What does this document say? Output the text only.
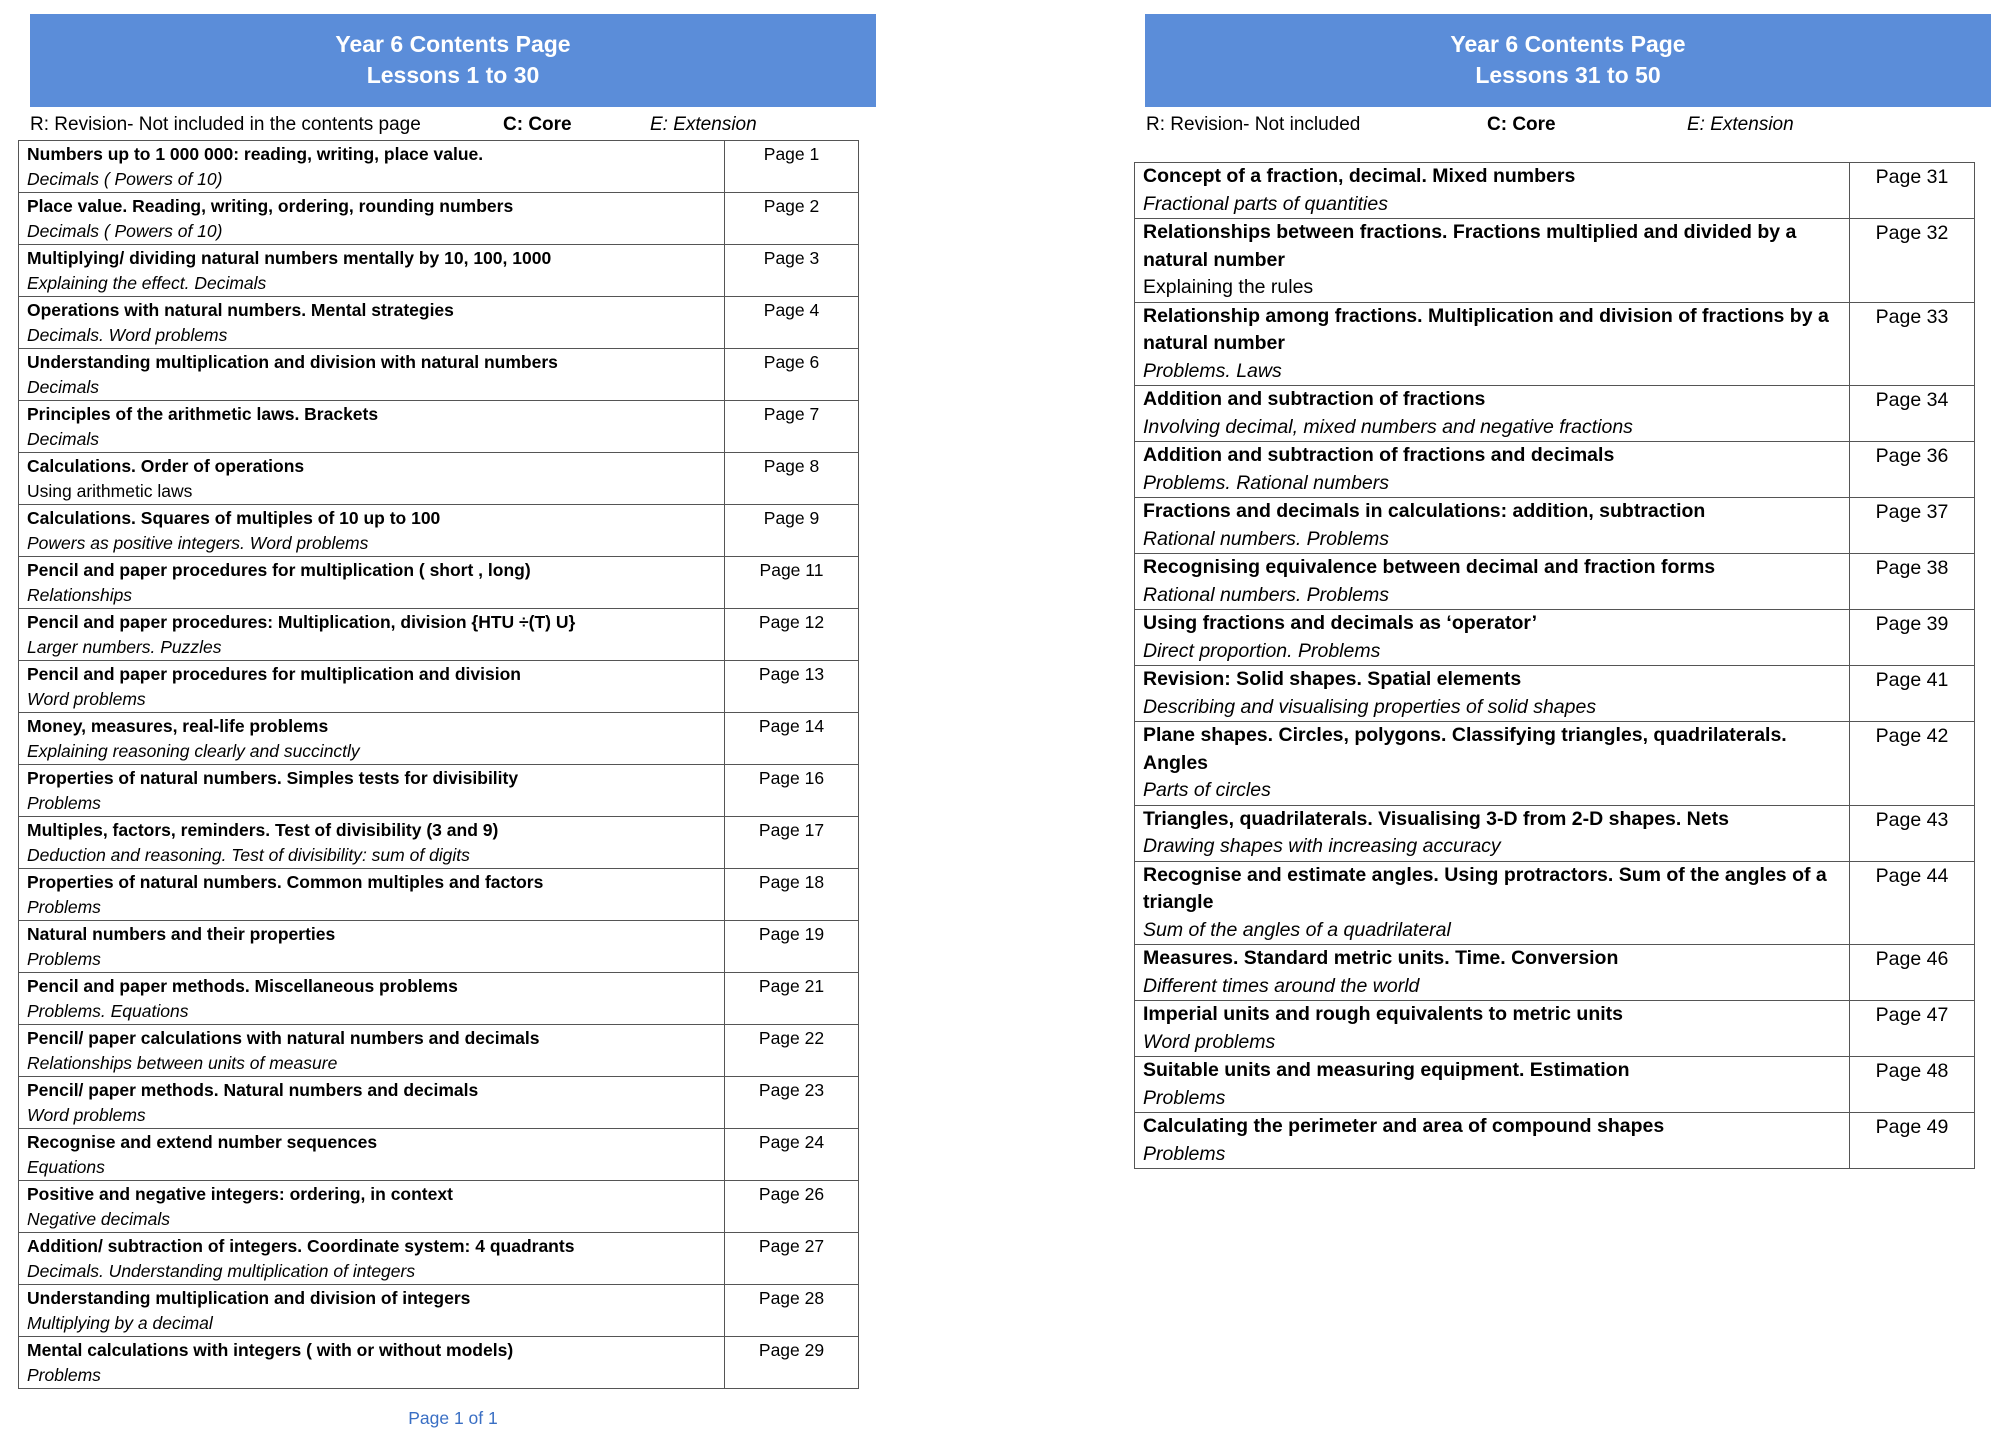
Year 6 Contents Page
Lessons 1 to 30
R: Revision- Not included in the contents page	C: Core	E: Extension
Numbers up to 1 000 000: reading, writing, place value.
Decimals ( Powers of 10)	Page 1

Place value. Reading, writing, ordering, rounding numbers
Decimals ( Powers of 10)	Page 2

Multiplying/ dividing natural numbers mentally by 10, 100, 1000
Explaining the effect. Decimals	Page 3

Operations with natural numbers. Mental strategies
Decimals. Word problems	Page 4

Understanding multiplication and division with natural numbers
Decimals	Page 6

Principles of the arithmetic laws. Brackets
Decimals	Page 7

Calculations. Order of operations
Using arithmetic laws	Page 8

Calculations. Squares of multiples of 10 up to 100
Powers as positive integers. Word problems	Page 9

Pencil and paper procedures for multiplication ( short , long)
Relationships	Page 11

Pencil and paper procedures: Multiplication, division {HTU ÷(T) U}
Larger numbers. Puzzles	Page 12

Pencil and paper procedures for multiplication and division
Word problems	Page 13

Money, measures, real-life problems
Explaining reasoning clearly and succinctly	Page 14

Properties of natural numbers. Simples tests for divisibility
Problems	Page 16

Multiples, factors, reminders. Test of divisibility (3 and 9)
Deduction and reasoning. Test of divisibility: sum of digits	Page 17

Properties of natural numbers. Common multiples and factors
Problems	Page 18

Natural numbers and their properties
Problems	Page 19

Pencil and paper methods. Miscellaneous problems
Problems. Equations	Page 21

Pencil/ paper calculations with natural numbers and decimals
Relationships between units of measure	Page 22

Pencil/ paper methods. Natural numbers and decimals
Word problems	Page 23

Recognise and extend number sequences
Equations	Page 24

Positive and negative integers: ordering, in context
Negative decimals	Page 26

Addition/ subtraction of integers. Coordinate system: 4 quadrants
Decimals. Understanding multiplication of integers	Page 27

Understanding multiplication and division of integers
Multiplying by a decimal	Page 28

Mental calculations with integers ( with or without models)
Problems	Page 29
Year 6 Contents Page
Lessons 31 to 50
R: Revision- Not included	C: Core	E: Extension
Concept of a fraction, decimal. Mixed numbers
Fractional parts of quantities	Page 31

Relationships between fractions. Fractions multiplied and divided by a natural number
Explaining the rules	Page 32

Relationship among fractions. Multiplication and division of fractions by a natural number
Problems. Laws	Page 33

Addition and subtraction of fractions
Involving decimal, mixed numbers and negative fractions	Page 34

Addition and subtraction of fractions and decimals
Problems. Rational numbers	Page 36

Fractions and decimals in calculations: addition, subtraction
Rational numbers. Problems	Page 37

Recognising equivalence between decimal and fraction forms
Rational numbers. Problems	Page 38

Using fractions and decimals as ‘operator’
Direct proportion. Problems	Page 39

Revision: Solid shapes. Spatial elements
Describing and visualising properties of solid shapes	Page 41

Plane shapes. Circles, polygons. Classifying triangles, quadrilaterals. Angles
Parts of circles	Page 42

Triangles, quadrilaterals. Visualising 3-D from 2-D shapes. Nets
Drawing shapes with increasing accuracy	Page 43

Recognise and estimate angles. Using protractors. Sum of the angles of a triangle
Sum of the angles of a quadrilateral	Page 44

Measures. Standard metric units. Time. Conversion
Different times around the world	Page 46

Imperial units and rough equivalents to metric units
Word problems	Page 47

Suitable units and measuring equipment. Estimation
Problems	Page 48

Calculating the perimeter and area of compound shapes
Problems	Page 49
Page 1 of 1
